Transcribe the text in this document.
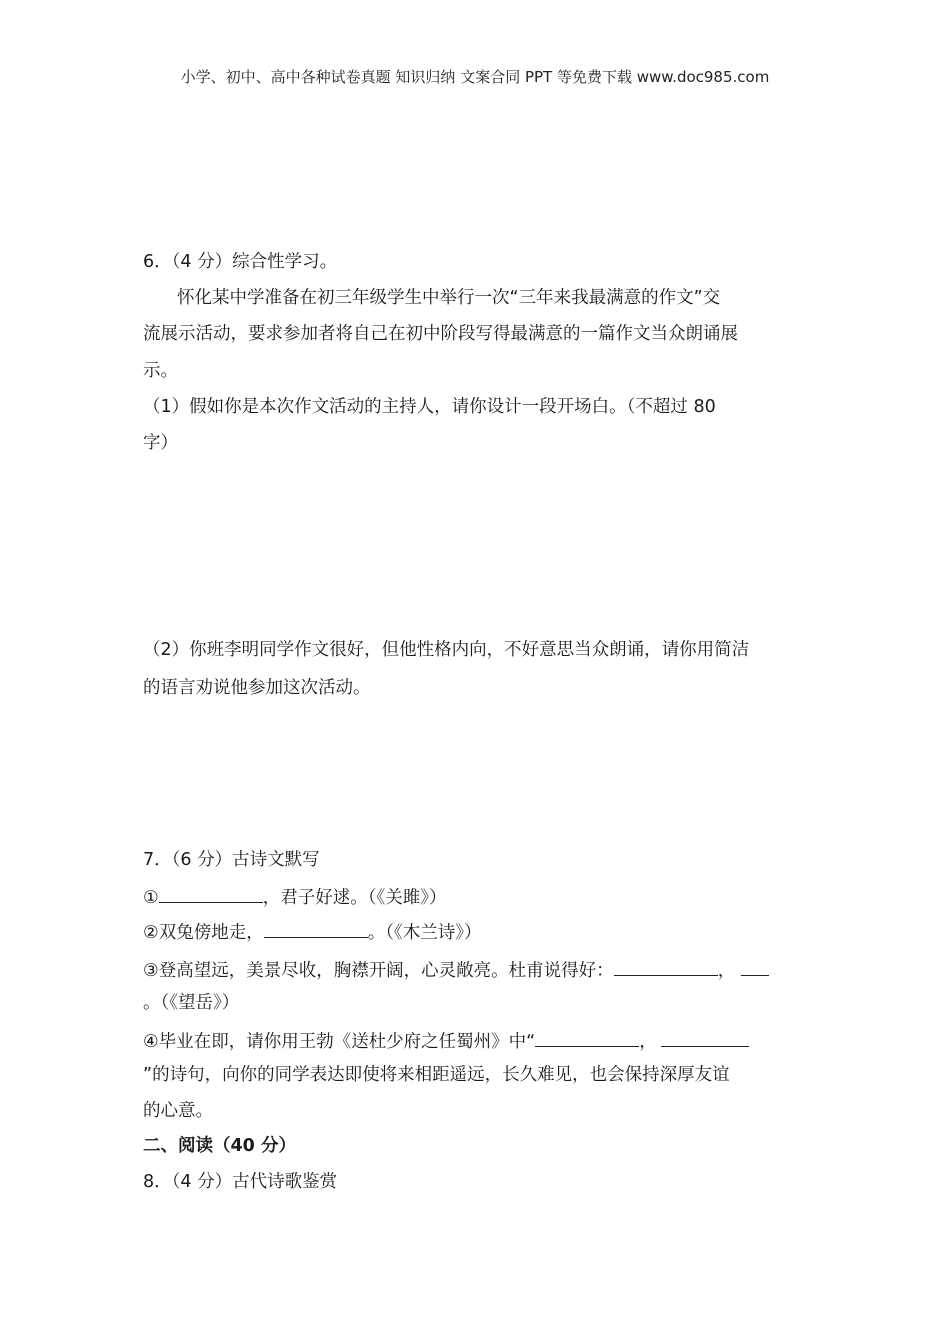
小学、初中、高中各种试卷真题 知识归纳 文案合同 PPT 等免费下载 www.doc985.com
6．（4 分）综合性学习。
怀化某中学准备在初三年级学生中举行一次“三年来我最满意的作文”交
流展示活动，要求参加者将自己在初中阶段写得最满意的一篇作文当众朗诵展
示。
（1）假如你是本次作文活动的主持人，请你设计一段开场白。（不超过 80
字）
（2）你班李明同学作文很好，但他性格内向，不好意思当众朗诵，请你用简洁
的语言劝说他参加这次活动。
7．（6 分）古诗文默写
①	，君子好逑。（《关雎》）
②双兔傍地走，	。（《木兰诗》）
③登高望远，美景尽收，胸襟开阔，心灵敞亮。杜甫说得好：	，
。（《望岳》）
④毕业在即，请你用王勃《送杜少府之任蜀州》中“	，
”的诗句，向你的同学表达即使将来相距遥远，长久难见，也会保持深厚友谊
的心意。
二、阅读（40 分）
8．（4 分）古代诗歌鉴赏
